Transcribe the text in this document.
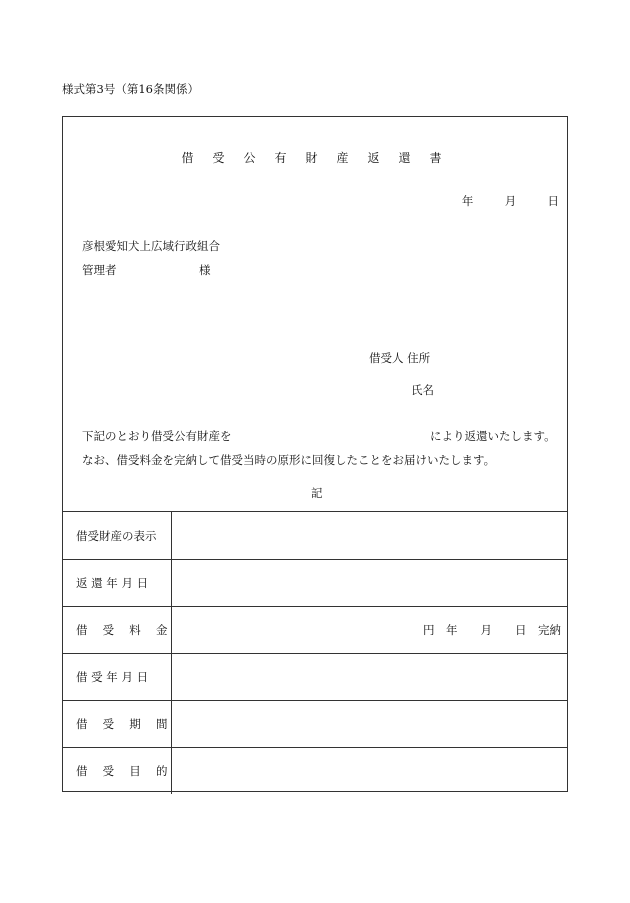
様式第3号（第16条関係）
借受公有財産返還書
年	月	日
彦根愛知犬上広域行政組合
管理者	様
借受人 住所
氏名
下記のとおり借受公有財産を	により返還いたします。
なお、借受料金を完納して借受当時の原形に回復したことをお届けいたします。
記
借受財産の表示
返 還 年 月 日
借 　受 　料 　金	円　年　　月　　日　完納
借 受 年 月 日
借 　受 　期 　間
借 　受 　目 　的
